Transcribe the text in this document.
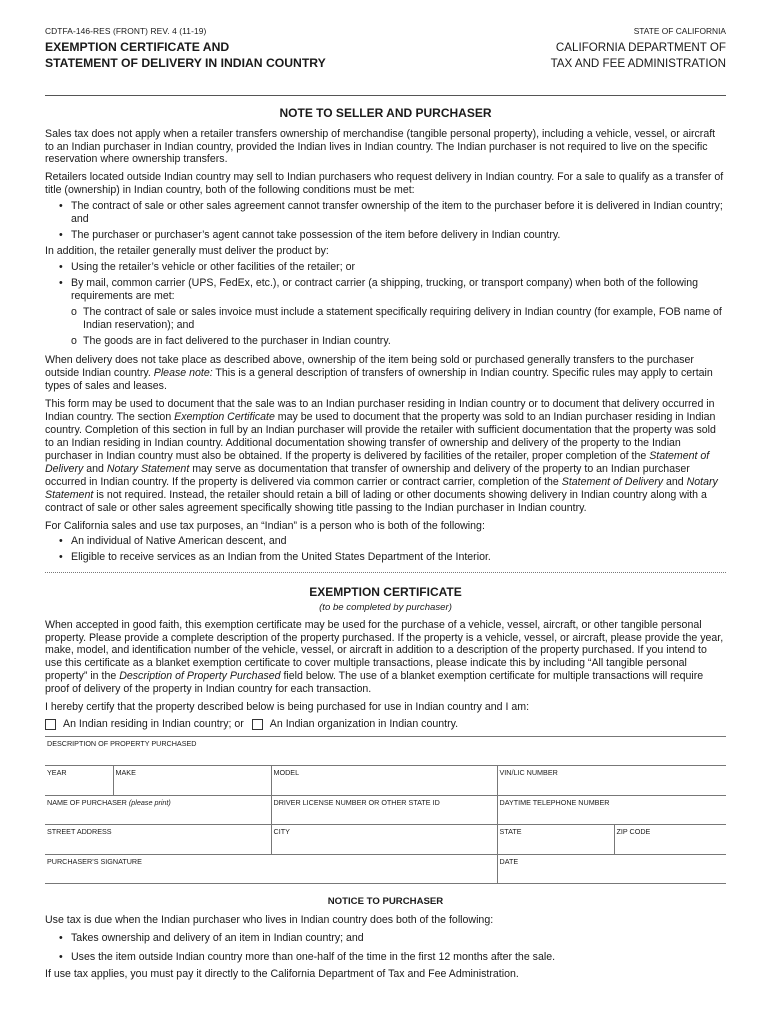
CDTFA-146-RES (FRONT) REV. 4 (11-19)
EXEMPTION CERTIFICATE AND
STATEMENT OF DELIVERY IN INDIAN COUNTRY
STATE OF CALIFORNIA
CALIFORNIA DEPARTMENT OF
TAX AND FEE ADMINISTRATION
NOTE TO SELLER AND PURCHASER

Sales tax does not apply when a retailer transfers ownership of merchandise (tangible personal property), including a vehicle, vessel, or aircraft to an Indian purchaser in Indian country, provided the Indian lives in Indian country. The Indian purchaser is not required to live on the specific reservation where ownership transfers.

Retailers located outside Indian country may sell to Indian purchasers who request delivery in Indian country. For a sale to qualify as a transfer of title (ownership) in Indian country, both of the following conditions must be met:

• The contract of sale or other sales agreement cannot transfer ownership of the item to the purchaser before it is delivered in Indian country; and
• The purchaser or purchaser’s agent cannot take possession of the item before delivery in Indian country.

In addition, the retailer generally must deliver the product by:

• Using the retailer’s vehicle or other facilities of the retailer; or
• By mail, common carrier (UPS, FedEx, etc.), or contract carrier (a shipping, trucking, or transport company) when both of the following requirements are met:
o The contract of sale or sales invoice must include a statement specifically requiring delivery in Indian country (for example, FOB name of Indian reservation); and
o The goods are in fact delivered to the purchaser in Indian country.

When delivery does not take place as described above, ownership of the item being sold or purchased generally transfers to the purchaser outside Indian country. Please note: This is a general description of transfers of ownership in Indian country. Specific rules may apply to certain types of sales and leases.

This form may be used to document that the sale was to an Indian purchaser residing in Indian country or to document that delivery occurred in Indian country. The section Exemption Certificate may be used to document that the property was sold to an Indian purchaser residing in Indian country. Completion of this section in full by an Indian purchaser will provide the retailer with sufficient documentation that the property was sold to an Indian residing in Indian country. Additional documentation showing transfer of ownership and delivery of the property to the Indian purchaser in Indian country must also be obtained. If the property is delivered by facilities of the retailer, proper completion of the Statement of Delivery and Notary Statement may serve as documentation that transfer of ownership and delivery of the property to an Indian purchaser occurred in Indian country. If the property is delivered via common carrier or contract carrier, completion of the Statement of Delivery and Notary Statement is not required. Instead, the retailer should retain a bill of lading or other documents showing delivery in Indian country along with a contract of sale or other sales agreement specifically showing title passing to the Indian purchaser in Indian country.

For California sales and use tax purposes, an “Indian” is a person who is both of the following:

• An individual of Native American descent, and
• Eligible to receive services as an Indian from the United States Department of the Interior.
EXEMPTION CERTIFICATE
(to be completed by purchaser)

When accepted in good faith, this exemption certificate may be used for the purchase of a vehicle, vessel, aircraft, or other tangible personal property. Please provide a complete description of the property purchased. If the property is a vehicle, vessel, or aircraft, please provide the year, make, model, and identification number of the vehicle, vessel, or aircraft in addition to a description of the property purchased. If you intend to use this certificate as a blanket exemption certificate to cover multiple transactions, please indicate this by including “All tangible personal property” in the Description of Property Purchased field below. The use of a blanket exemption certificate for multiple transactions will require proof of delivery of the property in Indian country for each transaction.

I hereby certify that the property described below is being purchased for use in Indian country and I am:

An Indian residing in Indian country; or An Indian organization in Indian country.
DESCRIPTION OF PROPERTY PURCHASED				
YEAR	MAKE	MODEL	VIN/LIC NUMBER	
NAME OF PURCHASER (please print)		DRIVER LICENSE NUMBER OR OTHER STATE ID	DAYTIME TELEPHONE NUMBER	
STREET ADDRESS		CITY	STATE	ZIP CODE
PURCHASER’S SIGNATURE			DATE	
NOTICE TO PURCHASER

Use tax is due when the Indian purchaser who lives in Indian country does both of the following:

• Takes ownership and delivery of an item in Indian country; and
• Uses the item outside Indian country more than one-half of the time in the first 12 months after the sale.

If use tax applies, you must pay it directly to the California Department of Tax and Fee Administration.
